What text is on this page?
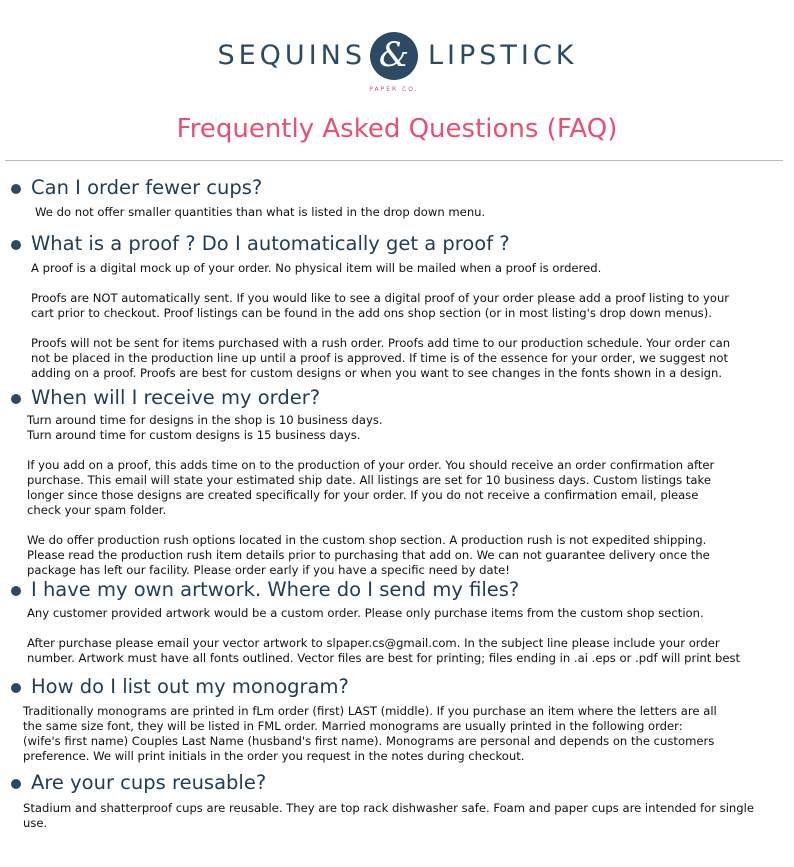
SEQUINS & LIPSTICK
PAPER CO.
Frequently Asked Questions (FAQ)
Can I order fewer cups?

We do not offer smaller quantities than what is listed in the drop down menu.

What is a proof ? Do I automatically get a proof ?

A proof is a digital mock up of your order. No physical item will be mailed when a proof is ordered.

Proofs are NOT automatically sent. If you would like to see a digital proof of your order please add a proof listing to your
cart prior to checkout. Proof listings can be found in the add ons shop section (or in most listing's drop down menus).

Proofs will not be sent for items purchased with a rush order. Proofs add time to our production schedule. Your order can
not be placed in the production line up until a proof is approved. If time is of the essence for your order, we suggest not
adding on a proof. Proofs are best for custom designs or when you want to see changes in the fonts shown in a design.

When will I receive my order?

Turn around time for designs in the shop is 10 business days.
Turn around time for custom designs is 15 business days.

If you add on a proof, this adds time on to the production of your order. You should receive an order confirmation after
purchase. This email will state your estimated ship date. All listings are set for 10 business days. Custom listings take
longer since those designs are created specifically for your order. If you do not receive a confirmation email, please
check your spam folder.

We do offer production rush options located in the custom shop section. A production rush is not expedited shipping.
Please read the production rush item details prior to purchasing that add on. We can not guarantee delivery once the
package has left our facility. Please order early if you have a specific need by date!

I have my own artwork. Where do I send my files?

Any customer provided artwork would be a custom order. Please only purchase items from the custom shop section.

After purchase please email your vector artwork to slpaper.cs@gmail.com. In the subject line please include your order
number. Artwork must have all fonts outlined. Vector files are best for printing; files ending in .ai .eps or .pdf will print best

How do I list out my monogram?

Traditionally monograms are printed in fLm order (first) LAST (middle). If you purchase an item where the letters are all
the same size font, they will be listed in FML order. Married monograms are usually printed in the following order:
(wife's first name) Couples Last Name (husband's first name). Monograms are personal and depends on the customers
preference. We will print initials in the order you request in the notes during checkout.

Are your cups reusable?

Stadium and shatterproof cups are reusable. They are top rack dishwasher safe. Foam and paper cups are intended for single
use.
